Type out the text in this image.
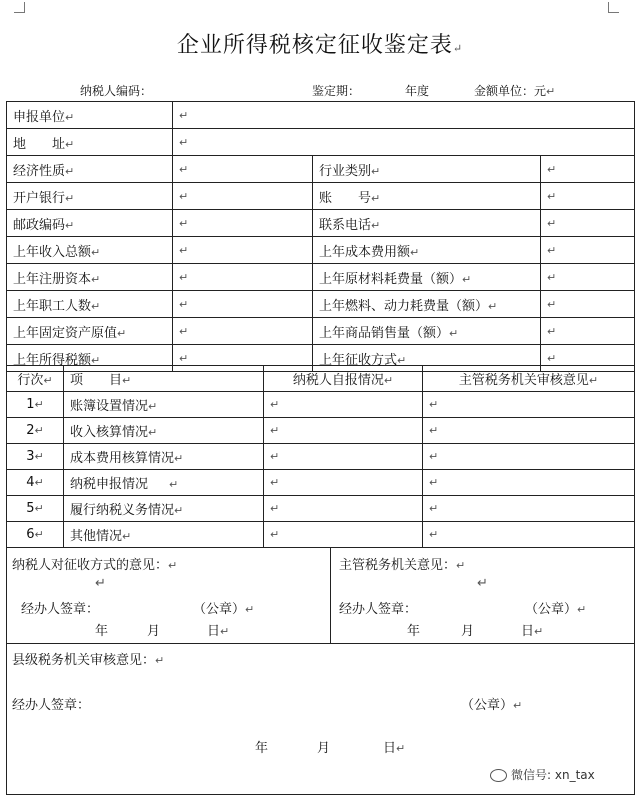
企业所得税核定征收鉴定表↵
纳税人编码：	鉴定期：	年度	金额单位：元↵
申报单位↵	↵		
地　　址↵	↵		
经济性质↵	↵	行业类别↵	↵
开户银行↵	↵	账　　号↵	↵
邮政编码↵	↵	联系电话↵	↵
上年收入总额↵	↵	上年成本费用额↵	↵
上年注册资本↵	↵	上年原材料耗费量（额）↵	↵
上年职工人数↵	↵	上年燃料、动力耗费量（额）↵	↵
上年固定资产原值↵	↵	上年商品销售量（额）↵	↵
上年所得税额↵	↵	上年征收方式↵	↵
行次↵	项　　目↵	纳税人自报情况↵	主管税务机关审核意见↵
1↵	账簿设置情况↵	↵	↵
2↵	收入核算情况↵	↵	↵
3↵	成本费用核算情况↵	↵	↵
4↵	纳税申报情况      ↵	↵	↵
5↵	履行纳税义务情况↵	↵	↵
6↵	其他情况↵	↵	↵
纳税人对征收方式的意见：↵
↵
经办人签章：	（公章）↵
年	月	日↵

主管税务机关意见：↵
↵
经办人签章：	（公章）↵
年	月	日↵

县级税务机关审核意见：↵
经办人签章：	（公章）↵
年	月	日↵
微信号: xn_tax
